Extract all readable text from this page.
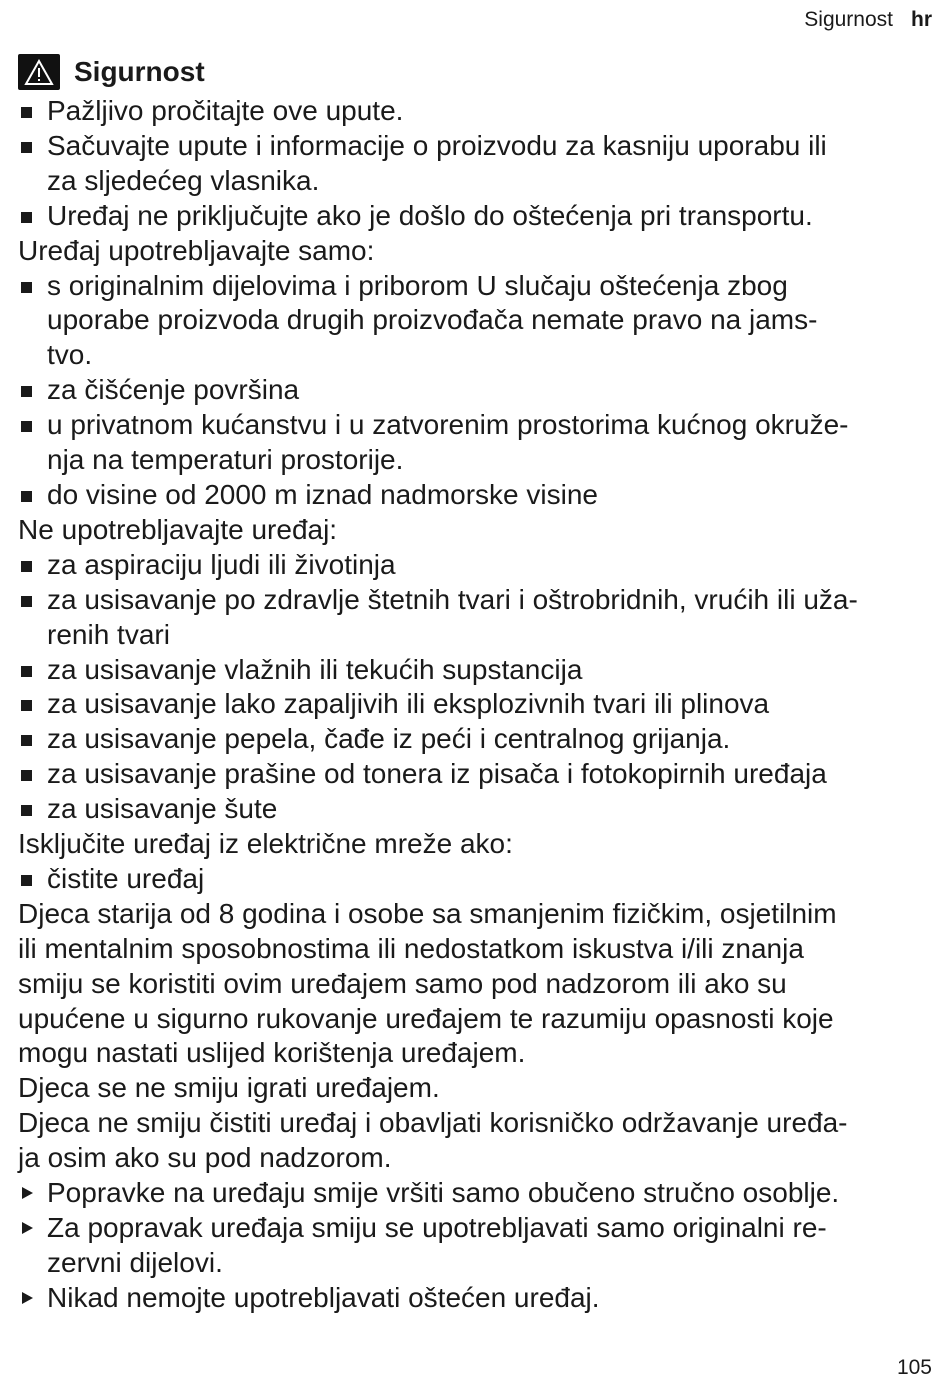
Sigurnost hr
Sigurnost
Pažljivo pročitajte ove upute.
Sačuvajte upute i informacije o proizvodu za kasniju uporabu ili
za sljedećeg vlasnika.
Uređaj ne priključujte ako je došlo do oštećenja pri transportu.
Uređaj upotrebljavajte samo:
s originalnim dijelovima i priborom U slučaju oštećenja zbog
uporabe proizvoda drugih proizvođača nemate pravo na jams-
tvo.
za čišćenje površina
u privatnom kućanstvu i u zatvorenim prostorima kućnog okruže-
nja na temperaturi prostorije.
do visine od 2000 m iznad nadmorske visine
Ne upotrebljavajte uređaj:
za aspiraciju ljudi ili životinja
za usisavanje po zdravlje štetnih tvari i oštrobridnih, vrućih ili uža-
renih tvari
za usisavanje vlažnih ili tekućih supstancija
za usisavanje lako zapaljivih ili eksplozivnih tvari ili plinova
za usisavanje pepela, čađe iz peći i centralnog grijanja.
za usisavanje prašine od tonera iz pisača i fotokopirnih uređaja
za usisavanje šute
Isključite uređaj iz električne mreže ako:
čistite uređaj
Djeca starija od 8 godina i osobe sa smanjenim fizičkim, osjetilnim
ili mentalnim sposobnostima ili nedostatkom iskustva i/ili znanja
smiju se koristiti ovim uređajem samo pod nadzorom ili ako su
upućene u sigurno rukovanje uređajem te razumiju opasnosti koje
mogu nastati uslijed korištenja uređajem.
Djeca se ne smiju igrati uređajem.
Djeca ne smiju čistiti uređaj i obavljati korisničko održavanje uređa-
ja osim ako su pod nadzorom.
Popravke na uređaju smije vršiti samo obučeno stručno osoblje.
Za popravak uređaja smiju se upotrebljavati samo originalni re-
zervni dijelovi.
Nikad nemojte upotrebljavati oštećen uređaj.
105
